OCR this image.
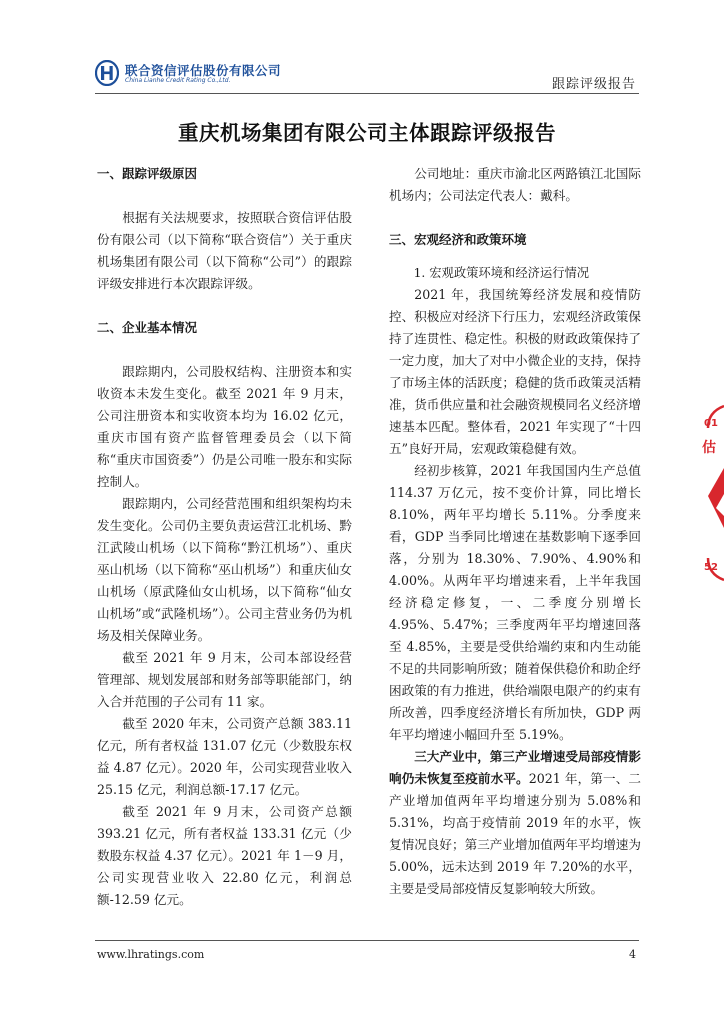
联合资信评估股份有限公司
China Lianhe Credit Rating Co.,Ltd.	跟踪评级报告
重庆机场集团有限公司主体跟踪评级报告

一、跟踪评级原因

根据有关法规要求，按照联合资信评估股份有限公司（以下简称“联合资信”）关于重庆机场集团有限公司（以下简称“公司”）的跟踪评级安排进行本次跟踪评级。

二、企业基本情况

跟踪期内，公司股权结构、注册资本和实收资本未发生变化。截至 2021 年 9 月末，公司注册资本和实收资本均为 16.02 亿元，重庆市国有资产监督管理委员会（以下简称“重庆市国资委”）仍是公司唯一股东和实际控制人。

跟踪期内，公司经营范围和组织架构均未发生变化。公司仍主要负责运营江北机场、黔江武陵山机场（以下简称“黔江机场”）、重庆巫山机场（以下简称“巫山机场”）和重庆仙女山机场（原武隆仙女山机场，以下简称“仙女山机场”或“武隆机场”）。公司主营业务仍为机场及相关保障业务。

截至 2021 年 9 月末，公司本部设经营管理部、规划发展部和财务部等职能部门，纳入合并范围的子公司有 11 家。

截至 2020 年末，公司资产总额 383.11 亿元，所有者权益 131.07 亿元（少数股东权益 4.87 亿元）。2020 年，公司实现营业收入 25.15 亿元，利润总额-17.17 亿元。

截至 2021 年 9 月末，公司资产总额 393.21 亿元，所有者权益 133.31 亿元（少数股东权益 4.37 亿元）。2021 年 1－9 月，公司实现营业收入 22.80 亿元，利润总额-12.59 亿元。

公司地址：重庆市渝北区两路镇江北国际机场内；公司法定代表人：戴科。

三、宏观经济和政策环境

1. 宏观政策环境和经济运行情况

2021 年，我国统筹经济发展和疫情防控、积极应对经济下行压力，宏观经济政策保持了连贯性、稳定性。积极的财政政策保持了一定力度，加大了对中小微企业的支持，保持了市场主体的活跃度；稳健的货币政策灵活精准，货币供应量和社会融资规模同名义经济增速基本匹配。整体看，2021 年实现了“十四五”良好开局，宏观政策稳健有效。

经初步核算，2021 年我国国内生产总值 114.37 万亿元，按不变价计算，同比增长 8.10%，两年平均增长 5.11%。分季度来看，GDP 当季同比增速在基数影响下逐季回落，分别为 18.30%、7.90%、4.90%和 4.00%。从两年平均增速来看，上半年我国经济稳定修复，一、二季度分别增长 4.95%、5.47%；三季度两年平均增速回落至 4.85%，主要是受供给端约束和内生动能不足的共同影响所致；随着保供稳价和助企纾困政策的有力推进，供给端限电限产的约束有所改善，四季度经济增长有所加快，GDP 两年平均增速小幅回升至 5.19%。

三大产业中，第三产业增速受局部疫情影响仍未恢复至疫前水平。2021 年，第一、二产业增加值两年平均增速分别为 5.08%和 5.31%，均高于疫情前 2019 年的水平，恢复情况良好；第三产业增加值两年平均增速为 5.00%，远未达到 2019 年 7.20%的水平，主要是受局部疫情反复影响较大所致。

01
估
52
www.lhratings.com	4
